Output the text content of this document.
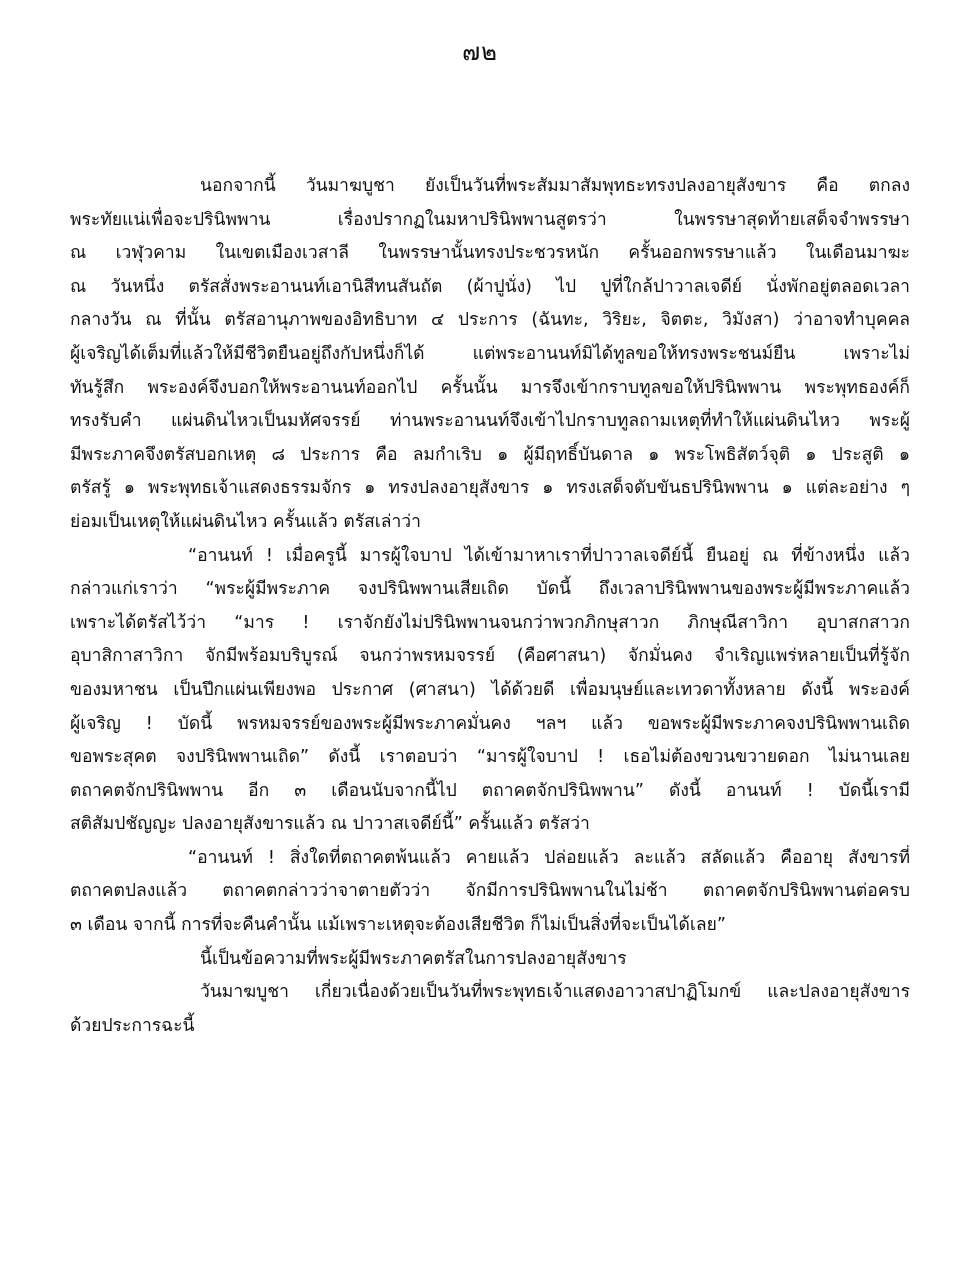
๗๒
นอกจากนี้ วันมาฆบูชา ยังเป็นวันที่พระสัมมาสัมพุทธะทรงปลงอายุสังขาร คือ ตกลง
พระทัยแน่เพื่อจะปรินิพพาน เรื่องปรากฏในมหาปรินิพพานสูตรว่า ในพรรษาสุดท้ายเสด็จจำพรรษา
ณ เวฬุวคาม ในเขตเมืองเวสาลี ในพรรษานั้นทรงประชวรหนัก ครั้นออกพรรษาแล้ว ในเดือนมาฆะ
ณ วันหนึ่ง ตรัสสั่งพระอานนท์เอานิสีทนสันถัต (ผ้าปูนั่ง) ไป ปูที่ใกล้ปาวาลเจดีย์ นั่งพักอยู่ตลอดเวลา
กลางวัน ณ ที่นั้น ตรัสอานุภาพของอิทธิบาท ๔ ประการ (ฉันทะ, วิริยะ, จิตตะ, วิมังสา) ว่าอาจทำบุคคล
ผู้เจริญได้เต็มที่แล้วให้มีชีวิตยืนอยู่ถึงกัปหนึ่งก็ได้ แต่พระอานนท์มิได้ทูลขอให้ทรงพระชนม์ยืน เพราะไม่
ทันรู้สึก พระองค์จึงบอกให้พระอานนท์ออกไป ครั้นนั้น มารจึงเข้ากราบทูลขอให้ปรินิพพาน พระพุทธองค์ก็
ทรงรับคำ แผ่นดินไหวเป็นมหัศจรรย์ ท่านพระอานนท์จึงเข้าไปกราบทูลถามเหตุที่ทำให้แผ่นดินไหว พระผู้
มีพระภาคจึงตรัสบอกเหตุ ๘ ประการ คือ ลมกำเริบ ๑ ผู้มีฤทธิ์บันดาล ๑ พระโพธิสัตว์จุติ ๑ ประสูติ ๑
ตรัสรู้ ๑ พระพุทธเจ้าแสดงธรรมจักร ๑ ทรงปลงอายุสังขาร ๑ ทรงเสด็จดับขันธปรินิพพาน ๑ แต่ละอย่าง ๆ
ย่อมเป็นเหตุให้แผ่นดินไหว ครั้นแล้ว ตรัสเล่าว่า
“อานนท์ ! เมื่อครูนี้ มารผู้ใจบาป ได้เข้ามาหาเราที่ปาวาลเจดีย์นี้ ยืนอยู่ ณ ที่ข้างหนึ่ง แล้ว
กล่าวแก่เราว่า “พระผู้มีพระภาค จงปรินิพพานเสียเถิด บัดนี้ ถึงเวลาปรินิพพานของพระผู้มีพระภาคแล้ว
เพราะได้ตรัสไว้ว่า “มาร ! เราจักยังไม่ปรินิพพานจนกว่าพวกภิกษุสาวก ภิกษุณีสาวิกา อุบาสกสาวก
อุบาสิกาสาวิกา จักมีพร้อมบริบูรณ์ จนกว่าพรหมจรรย์ (คือศาสนา) จักมั่นคง จำเริญแพร่หลายเป็นที่รู้จัก
ของมหาชน เป็นปึกแผ่นเพียงพอ ประกาศ (ศาสนา) ได้ด้วยดี เพื่อมนุษย์และเทวดาทั้งหลาย ดังนี้ พระองค์
ผู้เจริญ ! บัดนี้ พรหมจรรย์ของพระผู้มีพระภาคมั่นคง ฯลฯ แล้ว ขอพระผู้มีพระภาคจงปรินิพพานเถิด
ขอพระสุคต จงปรินิพพานเถิด” ดังนี้ เราตอบว่า “มารผู้ใจบาป ! เธอไม่ต้องขวนขวายดอก ไม่นานเลย
ตถาคตจักปรินิพพาน อีก ๓ เดือนนับจากนี้ไป ตถาคตจักปรินิพพาน” ดังนี้ อานนท์ ! บัดนี้เรามี
สติสัมปชัญญะ ปลงอายุสังขารแล้ว ณ ปาวาสเจดีย์นี้” ครั้นแล้ว ตรัสว่า
“อานนท์ ! สิ่งใดที่ตถาคตพ้นแล้ว คายแล้ว ปล่อยแล้ว ละแล้ว สลัดแล้ว คืออายุ สังขารที่
ตถาคตปลงแล้ว ตถาคตกล่าวว่าจาตายตัวว่า จักมีการปรินิพพานในไม่ช้า ตถาคตจักปรินิพพานต่อครบ
๓ เดือน จากนี้ การที่จะคืนคำนั้น แม้เพราะเหตุจะต้องเสียชีวิต ก็ไม่เป็นสิ่งที่จะเป็นได้เลย”
นี้เป็นข้อความที่พระผู้มีพระภาคตรัสในการปลงอายุสังขาร
วันมาฆบูชา เกี่ยวเนื่องด้วยเป็นวันที่พระพุทธเจ้าแสดงอาวาสปาฏิโมกข์ และปลงอายุสังขาร
ด้วยประการฉะนี้
